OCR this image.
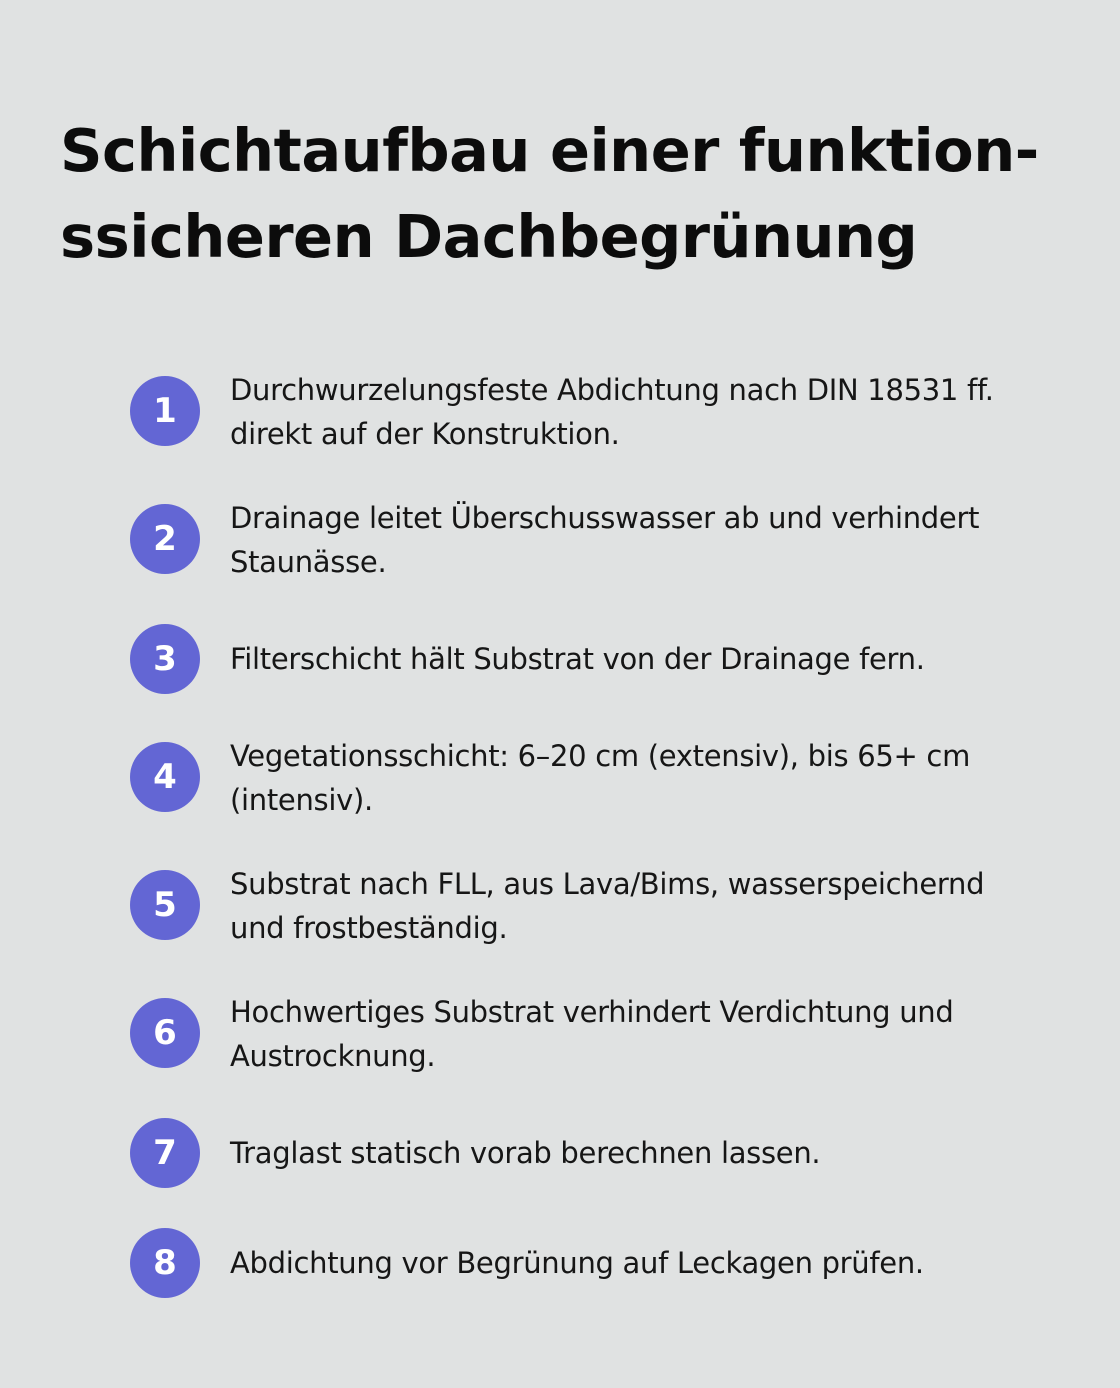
Schichtaufbau einer funktion-
ssicheren Dachbegrünung
1
Durchwurzelungsfeste Abdichtung nach DIN 18531 ff.
direkt auf der Konstruktion.
2
Drainage leitet Überschusswasser ab und verhindert
Staunässe.
3	Filterschicht hält Substrat von der Drainage fern.
4
Vegetationsschicht: 6–20 cm (extensiv), bis 65+ cm
(intensiv).
5
Substrat nach FLL, aus Lava/Bims, wasserspeichernd
und frostbeständig.
6
Hochwertiges Substrat verhindert Verdichtung und
Austrocknung.
7	Traglast statisch vorab berechnen lassen.
8	Abdichtung vor Begrünung auf Leckagen prüfen.
